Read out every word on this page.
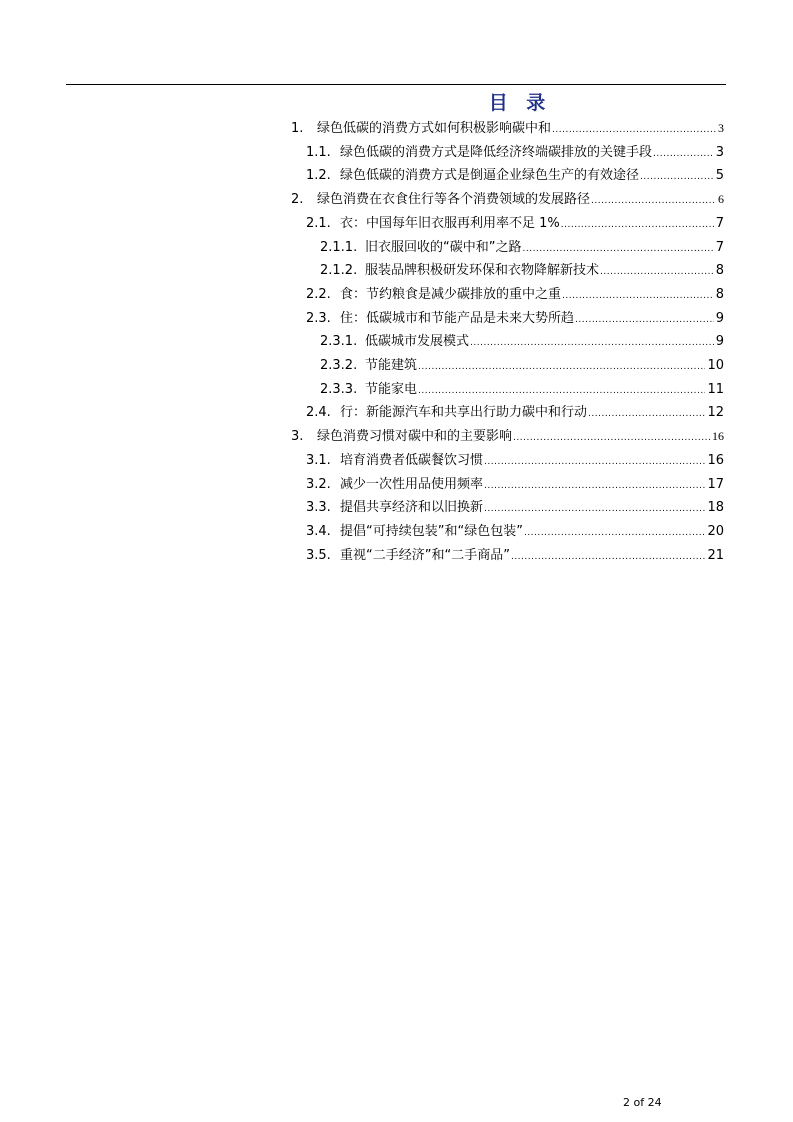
目 录
1. 绿色低碳的消费方式如何积极影响碳中和 .....	3
1.1. 绿色低碳的消费方式是降低经济终端碳排放的关键手段 .....	3
1.2. 绿色低碳的消费方式是倒逼企业绿色生产的有效途径 .....	5
2. 绿色消费在衣食住行等各个消费领域的发展路径 .....	6
2.1. 衣：中国每年旧衣服再利用率不足 1% .....	7
2.1.1. 旧衣服回收的“碳中和”之路 .....	7
2.1.2. 服装品牌积极研发环保和衣物降解新技术 .....	8
2.2. 食：节约粮食是减少碳排放的重中之重 .....	8
2.3. 住：低碳城市和节能产品是未来大势所趋 .....	9
2.3.1. 低碳城市发展模式 .....	9
2.3.2. 节能建筑 .....	10
2.3.3. 节能家电 .....	11
2.4. 行：新能源汽车和共享出行助力碳中和行动 .....	12
3. 绿色消费习惯对碳中和的主要影响 .....	16
3.1. 培育消费者低碳餐饮习惯 .....	16
3.2. 减少一次性用品使用频率 .....	17
3.3. 提倡共享经济和以旧换新 .....	18
3.4. 提倡“可持续包装”和“绿色包装” .....	20
3.5. 重视“二手经济”和“二手商品” .....	21
2 of 24
